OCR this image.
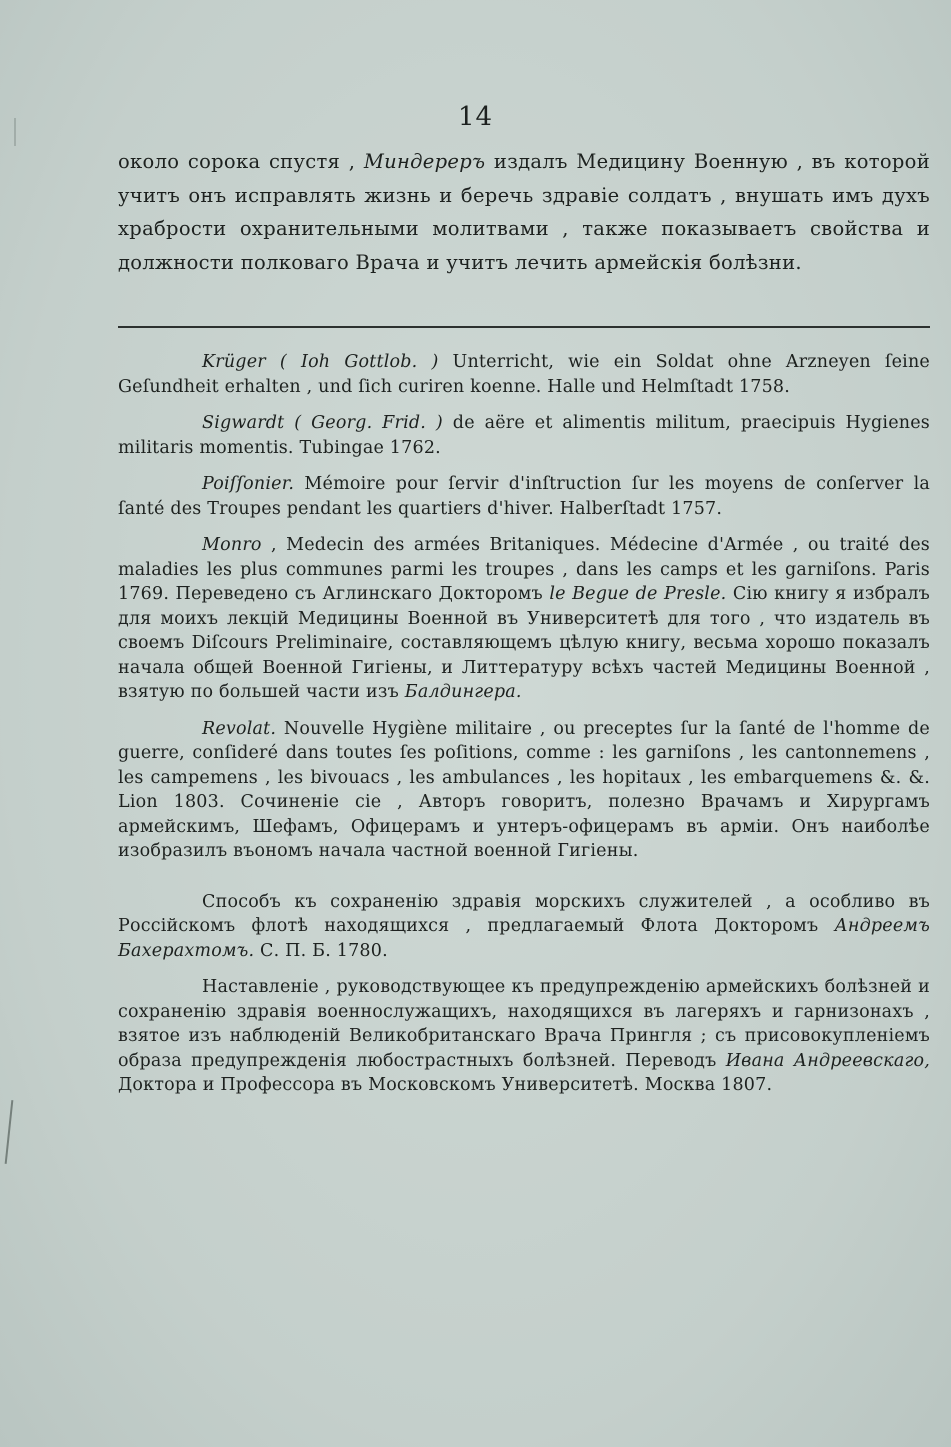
14

около сорока спустя , Миндереръ издалъ Медицину Военную , въ которой учитъ онъ исправлять жизнь и беречь здравіе солдатъ , внушать имъ духъ храбрости охранительными молитвами , также показываетъ свойства и должности полковаго Врача и учитъ лечить армейскія болѣзни.

Krüger ( Ioh Gottlob. ) Unterricht, wie ein Soldat ohne Arzneyen ſeine Geſundheit erhalten , und ſich curiren koenne. Halle und Helmſtadt 1758.

Sigwardt ( Georg. Frid. ) de aëre et alimentis militum, praecipuis Hygienes militaris momentis. Tubingae 1762.

Poiſſonier. Mémoire pour ſervir d'inſtruction ſur les moyens de conſerver la ſanté des Troupes pendant les quartiers d'hiver. Halberſtadt 1757.

Monro , Medecin des armées Britaniques. Médecine d'Armée , ou traité des maladies les plus communes parmi les troupes , dans les camps et les garniſons. Paris 1769. Переведено съ Аглинскаго Докторомъ le Begue de Presle. Сію книгу я избралъ для моихъ лекцій Медицины Военной въ Университетѣ для того , что издатель въ своемъ Diſcours Preliminaire, составляющемъ цѣлую книгу, весьма хорошо показалъ начала общей Военной Гигіены, и Литтературу всѣхъ частей Медицины Военной , взятую по большей части изъ Балдингера.

Revolat. Nouvelle Hygiène militaire , ou preceptes ſur la ſanté de l'homme de guerre, conſideré dans toutes ſes poſitions, comme : les garniſons , les cantonnemens , les campemens , les bivouacs , les ambulances , les hopitaux , les embarquemens &. &. Lion 1803. Сочиненіе сіе , Авторъ говоритъ, полезно Врачамъ и Хирургамъ армейскимъ, Шефамъ, Офицерамъ и унтеръ-офицерамъ въ арміи. Онъ наиболѣе изобразилъ въономъ начала частной военной Гигіены.

Способъ къ сохраненію здравія морскихъ служителей , а особливо въ Россійскомъ флотѣ находящихся , предлагаемый Флота Докторомъ Андреемъ Бахерахтомъ. С. П. Б. 1780.

Наставленіе , руководствующее къ предупрежденію армейскихъ болѣзней и сохраненію здравія военнослужащихъ, находящихся въ лагеряхъ и гарнизонахъ , взятое изъ наблюденій Великобританскаго Врача Прингля ; съ присовокупленіемъ образа предупрежденія любострастныхъ болѣзней. Переводъ Ивана Андреевскаго, Доктора и Профессора въ Московскомъ Университетѣ. Москва 1807.
